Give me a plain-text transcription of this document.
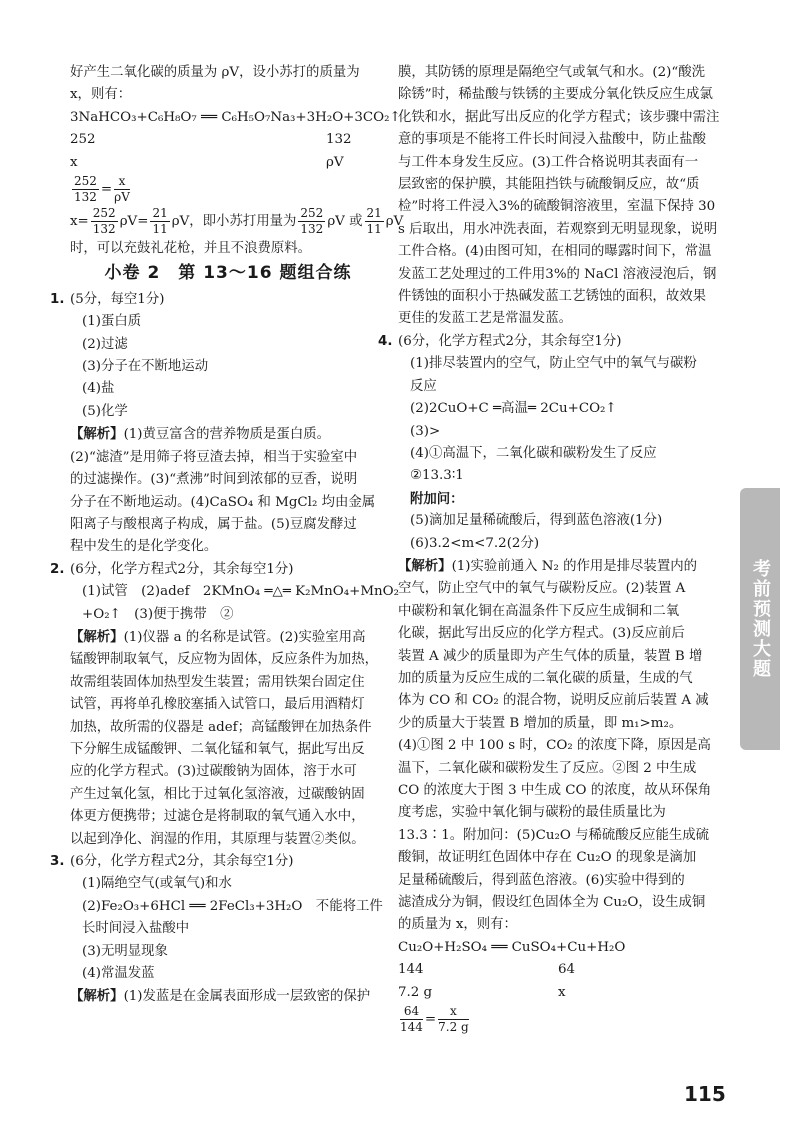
好产生二氧化碳的质量为 ρV，设小苏打的质量为
x，则有：
3NaHCO₃+C₆H₈O₇ ══ C₆H₅O₇Na₃+3H₂O+3CO₂↑
252	132
x	ρV
$\frac{252}{132} = \frac{x}{\rho V}$
$x= \frac{252}{132} \rho V= \frac{21}{11}$ ρV，即小苏打用量为 $\frac{252}{132}$ ρV 或 $\frac{21}{11}$ ρV
时，可以充鼓礼花枪，并且不浪费原料。
小卷 2　第 13～16 题组合练
1. (5分，每空1分)
(1)蛋白质
(2)过滤
(3)分子在不断地运动
(4)盐
(5)化学
【解析】(1)黄豆富含的营养物质是蛋白质。
(2)“滤渣”是用筛子将豆渣去掉，相当于实验室中
的过滤操作。(3)“煮沸”时间到浓郁的豆香，说明
分子在不断地运动。(4)CaSO₄ 和 MgCl₂ 均由金属
阳离子与酸根离子构成，属于盐。(5)豆腐发酵过
程中发生的是化学变化。
2. (6分，化学方程式2分，其余每空1分)
(1)试管　(2)adef　2KMnO₄ ═△═ K₂MnO₄+MnO₂
+O₂↑　(3)便于携带　②
【解析】(1)仪器 a 的名称是试管。(2)实验室用高
锰酸钾制取氧气，反应物为固体，反应条件为加热，
故需组装固体加热型发生装置；需用铁架台固定住
试管，再将单孔橡胶塞插入试管口，最后用酒精灯
加热，故所需的仪器是 adef；高锰酸钾在加热条件
下分解生成锰酸钾、二氧化锰和氧气，据此写出反
应的化学方程式。(3)过碳酸钠为固体，溶于水可
产生过氧化氢，相比于过氧化氢溶液，过碳酸钠固
体更方便携带；过滤仓是将制取的氧气通入水中，
以起到净化、润湿的作用，其原理与装置②类似。
3. (6分，化学方程式2分，其余每空1分)
(1)隔绝空气(或氧气)和水
(2)Fe₂O₃+6HCl ══ 2FeCl₃+3H₂O　不能将工件
长时间浸入盐酸中
(3)无明显现象
(4)常温发蓝
【解析】(1)发蓝是在金属表面形成一层致密的保护
膜，其防锈的原理是隔绝空气或氧气和水。(2)“酸洗
除锈”时，稀盐酸与铁锈的主要成分氧化铁反应生成氯
化铁和水，据此写出反应的化学方程式；该步骤中需注
意的事项是不能将工件长时间浸入盐酸中，防止盐酸
与工件本身发生反应。(3)工件合格说明其表面有一
层致密的保护膜，其能阻挡铁与硫酸铜反应，故“质
检”时将工件浸入3%的硫酸铜溶液里，室温下保持 30
s 后取出，用水冲洗表面，若观察到无明显现象，说明
工件合格。(4)由图可知，在相同的曝露时间下，常温
发蓝工艺处理过的工件用3%的 NaCl 溶液浸泡后，钢
件锈蚀的面积小于热碱发蓝工艺锈蚀的面积，故效果
更佳的发蓝工艺是常温发蓝。
4. (6分，化学方程式2分，其余每空1分)
(1)排尽装置内的空气，防止空气中的氧气与碳粉
反应
(2)2CuO+C ═高温═ 2Cu+CO₂↑
(3)>
(4)①高温下，二氧化碳和碳粉发生了反应
②13.3∶1
附加问：
(5)滴加足量稀硫酸后，得到蓝色溶液(1分)
(6)3.2<m<7.2(2分)
【解析】(1)实验前通入 N₂ 的作用是排尽装置内的
空气，防止空气中的氧气与碳粉反应。(2)装置 A
中碳粉和氧化铜在高温条件下反应生成铜和二氧
化碳，据此写出反应的化学方程式。(3)反应前后
装置 A 减少的质量即为产生气体的质量，装置 B 增
加的质量为反应生成的二氧化碳的质量，生成的气
体为 CO 和 CO₂ 的混合物，说明反应前后装置 A 减
少的质量大于装置 B 增加的质量，即 m₁>m₂。
(4)①图 2 中 100 s 时，CO₂ 的浓度下降，原因是高
温下，二氧化碳和碳粉发生了反应。②图 2 中生成
CO 的浓度大于图 3 中生成 CO 的浓度，故从环保角
度考虑，实验中氧化铜与碳粉的最佳质量比为
13.3∶1。附加问：(5)Cu₂O 与稀硫酸反应能生成硫
酸铜，故证明红色固体中存在 Cu₂O 的现象是滴加
足量稀硫酸后，得到蓝色溶液。(6)实验中得到的
滤渣成分为铜，假设红色固体全为 Cu₂O，设生成铜
的质量为 x，则有：
Cu₂O+H₂SO₄ ══ CuSO₄+Cu+H₂O
144	64
7.2 g	x
$\frac{64}{144} = \frac{x}{7.2 g}$
考前预测大题
115
